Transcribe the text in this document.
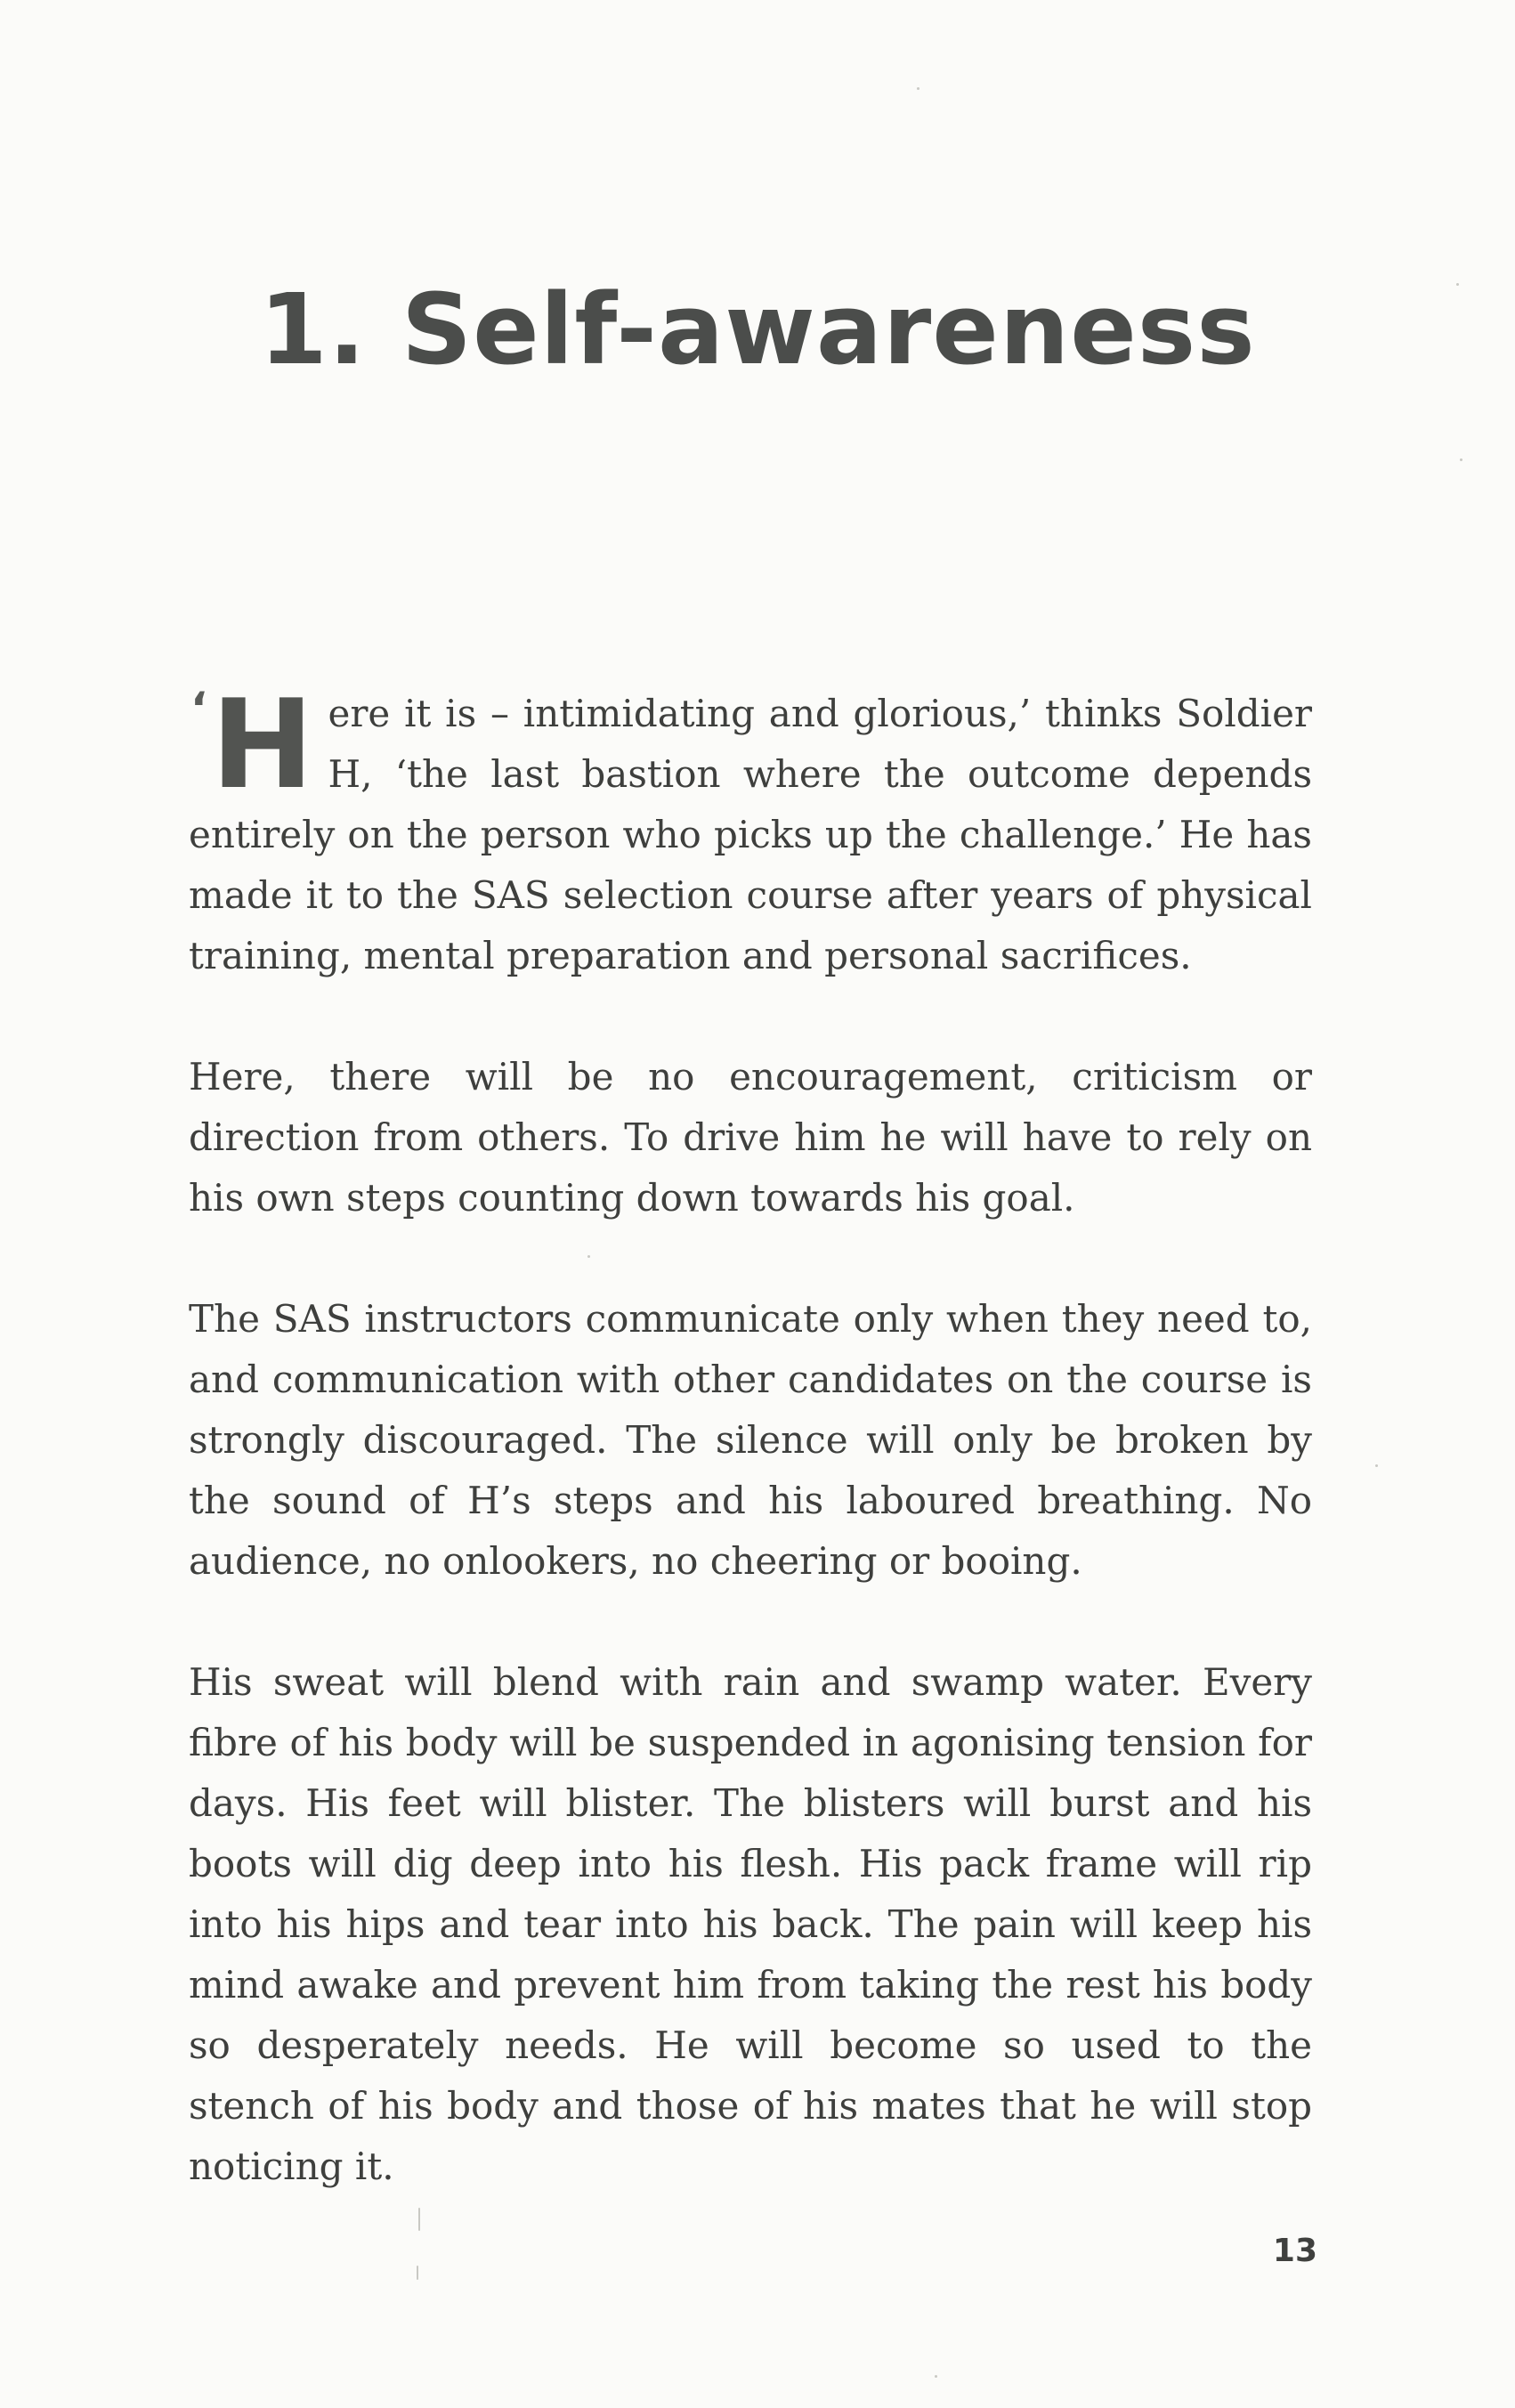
1. Self-awareness

‘ H ere it is – intimidating and glorious,’ thinks Soldier H, ‘the last bastion where the outcome depends entirely on the person who picks up the challenge.’ He has made it to the SAS selection course after years of physical training, mental preparation and personal sacrifices.

Here, there will be no encouragement, criticism or direction from others. To drive him he will have to rely on his own steps counting down towards his goal.

The SAS instructors communicate only when they need to, and communication with other candidates on the course is strongly discouraged. The silence will only be broken by the sound of H’s steps and his laboured breathing. No audience, no onlookers, no cheering or booing.

His sweat will blend with rain and swamp water. Every fibre of his body will be suspended in agonising tension for days. His feet will blister. The blisters will burst and his boots will dig deep into his flesh. His pack frame will rip into his hips and tear into his back. The pain will keep his mind awake and prevent him from taking the rest his body so desperately needs. He will become so used to the stench of his body and those of his mates that he will stop noticing it.

13
